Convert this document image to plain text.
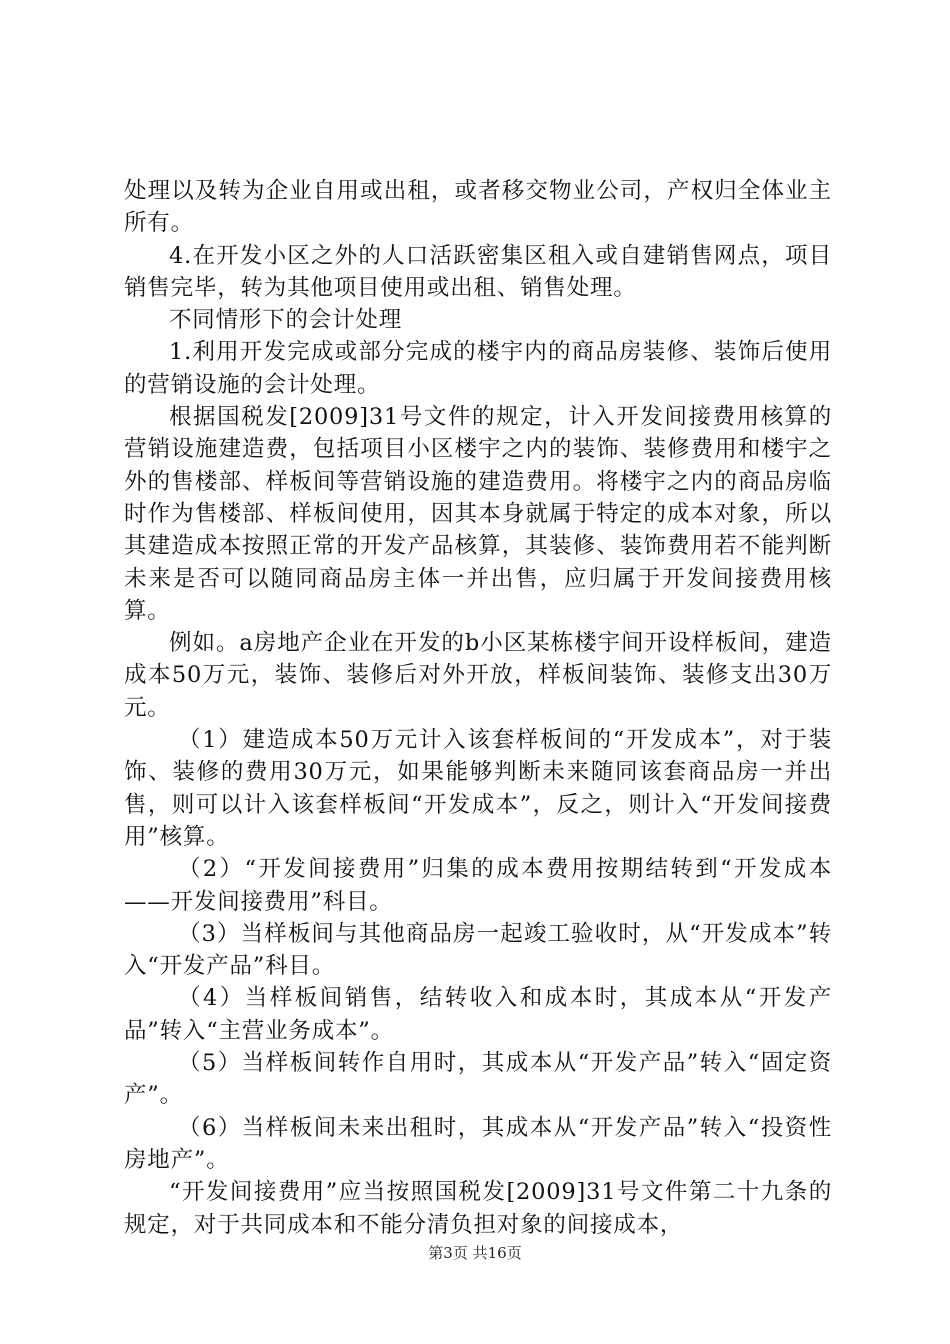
处理以及转为企业自用或出租，或者移交物业公司，产权归全体业主所有。

4.在开发小区之外的人口活跃密集区租入或自建销售网点，项目销售完毕，转为其他项目使用或出租、销售处理。

不同情形下的会计处理

1.利用开发完成或部分完成的楼宇内的商品房装修、装饰后使用的营销设施的会计处理。

根据国税发[2009]31号文件的规定，计入开发间接费用核算的营销设施建造费，包括项目小区楼宇之内的装饰、装修费用和楼宇之外的售楼部、样板间等营销设施的建造费用。将楼宇之内的商品房临时作为售楼部、样板间使用，因其本身就属于特定的成本对象，所以其建造成本按照正常的开发产品核算，其装修、装饰费用若不能判断未来是否可以随同商品房主体一并出售，应归属于开发间接费用核算。

例如。a房地产企业在开发的b小区某栋楼宇间开设样板间，建造成本50万元，装饰、装修后对外开放，样板间装饰、装修支出30万元。

（1）建造成本50万元计入该套样板间的“开发成本”，对于装饰、装修的费用30万元，如果能够判断未来随同该套商品房一并出售，则可以计入该套样板间“开发成本”，反之，则计入“开发间接费用”核算。

（2）“开发间接费用”归集的成本费用按期结转到“开发成本——开发间接费用”科目。

（3）当样板间与其他商品房一起竣工验收时，从“开发成本”转入“开发产品”科目。

（4）当样板间销售，结转收入和成本时，其成本从“开发产品”转入“主营业务成本”。

（5）当样板间转作自用时，其成本从“开发产品”转入“固定资产”。

（6）当样板间未来出租时，其成本从“开发产品”转入“投资性房地产”。

“开发间接费用”应当按照国税发[2009]31号文件第二十九条的规定，对于共同成本和不能分清负担对象的间接成本，

第3页 共16页
